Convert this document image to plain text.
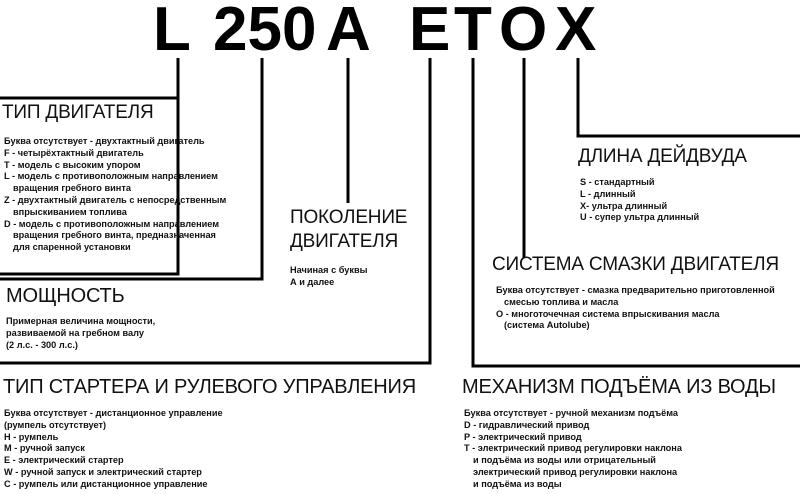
L 250 A E T O X
ТИП ДВИГАТЕЛЯ
Буква отсутствует - двухтактный двигатель
F - четырёхтактный двигатель
T - модель с высоким упором
L - модель с противоположным направлением
вращения гребного винта
Z - двухтактный двигатель с непосредственным
впрыскиванием топлива
D - модель с противоположным направлением
вращения гребного винта, предназначенная
для спаренной установки
МОЩНОСТЬ
Примерная величина мощности,
развиваемой на гребном валу
(2 л.с. - 300 л.с.)
ПОКОЛЕНИЕ
ДВИГАТЕЛЯ
Начиная с буквы
А и далее
ДЛИНА ДЕЙДВУДА
S - стандартный
L - длинный
X- ультра длинный
U - супер ультра длинный
СИСТЕМА СМАЗКИ ДВИГАТЕЛЯ
Буква отсутствует - смазка предварительно приготовленной
смесью топлива и масла
O - многоточечная система впрыскивания масла
(система Autolube)
ТИП СТАРТЕРА И РУЛЕВОГО УПРАВЛЕНИЯ
Буква отсутствует - дистанционное управление
(румпель отсутствует)
H - румпель
M - ручной запуск
E - электрический стартер
W - ручной запуск и электрический стартер
C - румпель или дистанционное управление
МЕХАНИЗМ ПОДЪЁМА ИЗ ВОДЫ
Буква отсутствует - ручной механизм подъёма
D - гидравлический привод
P - электрический привод
T - электрический привод регулировки наклона
и подъёма из воды или отрицательный
электрический привод регулировки наклона
и подъёма из воды
